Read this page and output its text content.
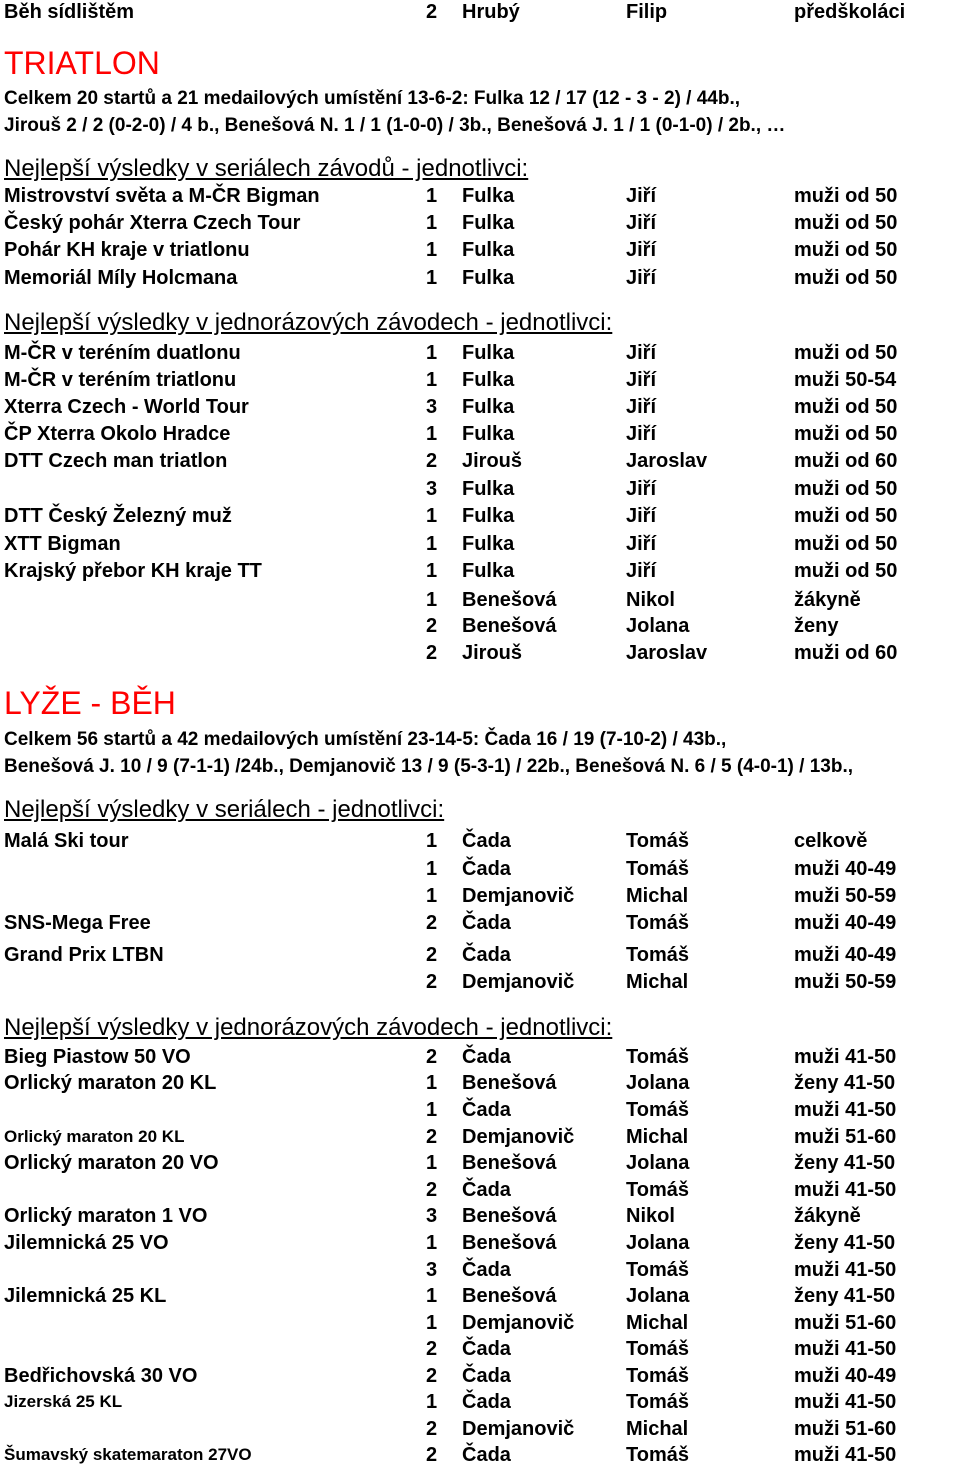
Běh sídlištěm	2 Hrubý	Filip	předškoláci
TRIATLON
Celkem 20 startů a 21 medailových umístění 13-6-2: Fulka 12 / 17 (12 - 3 - 2) / 44b.,
Jirouš 2 / 2 (0-2-0) / 4 b., Benešová N. 1 / 1 (1-0-0) / 3b., Benešová J. 1 / 1 (0-1-0) / 2b., …
Nejlepší výsledky v seriálech závodů - jednotlivci:
Mistrovství světa a M-ČR Bigman	1 Fulka	Jiří	muži od 50
Český pohár Xterra Czech Tour	1 Fulka	Jiří	muži od 50
Pohár KH kraje v triatlonu	1 Fulka	Jiří	muži od 50
Memoriál Míly Holcmana	1 Fulka	Jiří	muži od 50
Nejlepší výsledky v jednorázových závodech - jednotlivci:
M-ČR v teréním duatlonu	1 Fulka	Jiří	muži od 50
M-ČR v teréním triatlonu	1 Fulka	Jiří	muži 50-54
Xterra Czech - World Tour	3 Fulka	Jiří	muži od 50
ČP Xterra Okolo Hradce	1 Fulka	Jiří	muži od 50
DTT Czech man triatlon	2 Jirouš	Jaroslav	muži od 60
3 Fulka	Jiří	muži od 50
DTT Český Železný muž	1 Fulka	Jiří	muži od 50
XTT Bigman	1 Fulka	Jiří	muži od 50
Krajský přebor KH kraje TT	1 Fulka	Jiří	muži od 50
1 Benešová	Nikol	žákyně
2 Benešová	Jolana	ženy
2 Jirouš	Jaroslav	muži od 60
LYŽE - BĚH
Celkem 56 startů a 42 medailových umístění 23-14-5: Čada 16 / 19 (7-10-2) / 43b.,
Benešová J. 10 / 9 (7-1-1) /24b., Demjanovič 13 / 9 (5-3-1) / 22b., Benešová N. 6 / 5 (4-0-1) / 13b.,
Nejlepší výsledky v seriálech - jednotlivci:
Malá Ski tour	1 Čada	Tomáš	celkově
1 Čada	Tomáš	muži 40-49
1 Demjanovič	Michal	muži 50-59
SNS-Mega Free	2 Čada	Tomáš	muži 40-49
Grand Prix LTBN	2 Čada	Tomáš	muži 40-49
2 Demjanovič	Michal	muži 50-59
Nejlepší výsledky v jednorázových závodech - jednotlivci:
Bieg Piastow 50 VO	2 Čada	Tomáš	muži 41-50
Orlický maraton 20 KL	1 Benešová	Jolana	ženy 41-50
1 Čada	Tomáš	muži 41-50
Orlický maraton 20 KL	2 Demjanovič	Michal	muži 51-60
Orlický maraton 20 VO	1 Benešová	Jolana	ženy 41-50
2 Čada	Tomáš	muži 41-50
Orlický maraton 1 VO	3 Benešová	Nikol	žákyně
Jilemnická 25 VO	1 Benešová	Jolana	ženy 41-50
3 Čada	Tomáš	muži 41-50
Jilemnická 25 KL	1 Benešová	Jolana	ženy 41-50
1 Demjanovič	Michal	muži 51-60
2 Čada	Tomáš	muži 41-50
Bedřichovská 30 VO	2 Čada	Tomáš	muži 40-49
Jizerská 25 KL	1 Čada	Tomáš	muži 41-50
2 Demjanovič	Michal	muži 51-60
Šumavský skatemaraton 27VO	2 Čada	Tomáš	muži 41-50
